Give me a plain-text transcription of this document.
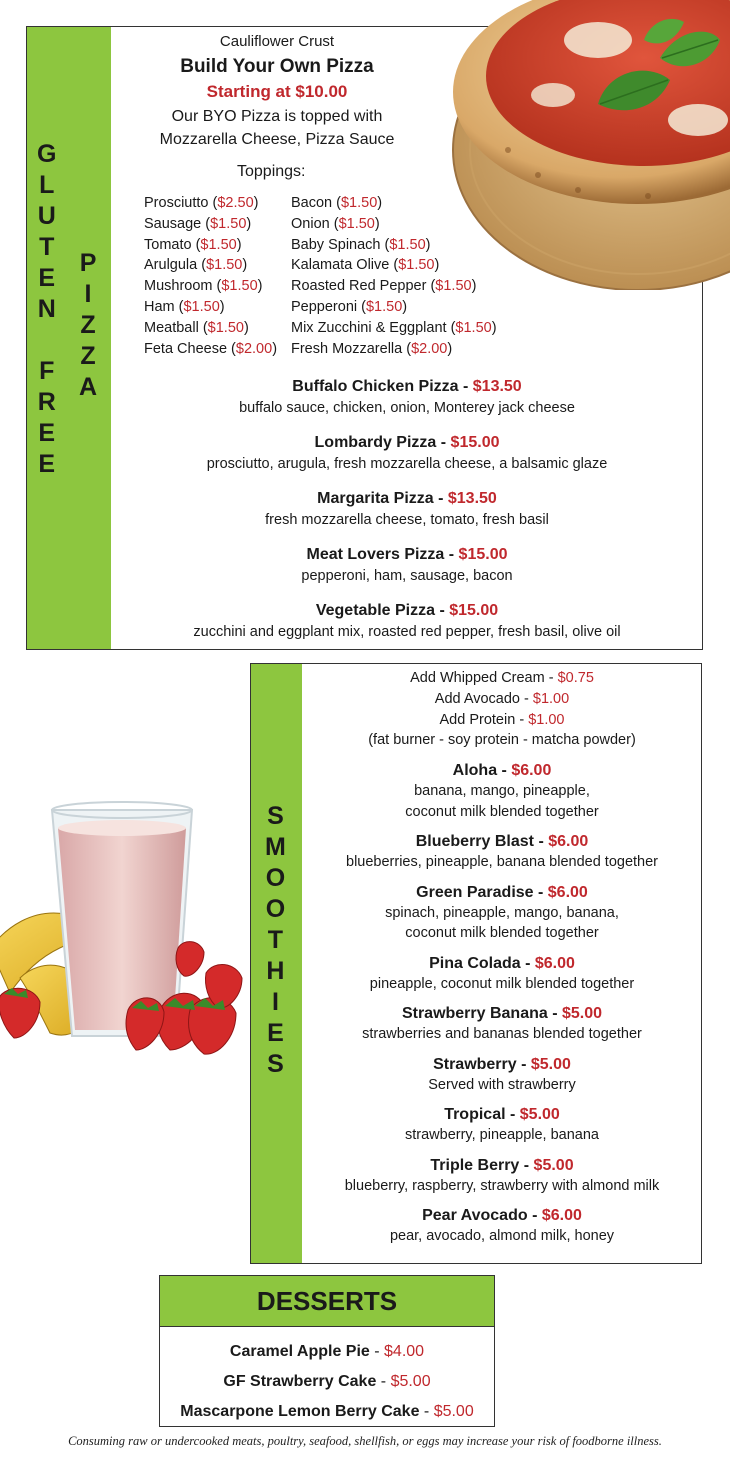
G
L
U
T
E
N
F
R
E
E
P
I
Z
Z
A
Cauliflower Crust
Build Your Own Pizza
Starting at $10.00
Our BYO Pizza is topped with
Mozzarella Cheese, Pizza Sauce
Toppings:
Prosciutto ($2.50)
Sausage ($1.50)
Tomato ($1.50)
Arulgula ($1.50)
Mushroom ($1.50)
Ham ($1.50)
Meatball ($1.50)
Feta Cheese ($2.00)
Bacon ($1.50)
Onion ($1.50)
Baby Spinach ($1.50)
Kalamata Olive ($1.50)
Roasted Red Pepper ($1.50)
Pepperoni ($1.50)
Mix Zucchini & Eggplant ($1.50)
Fresh Mozzarella ($2.00)
Buffalo Chicken Pizza - $13.50
buffalo sauce, chicken, onion, Monterey jack cheese
Lombardy Pizza - $15.00
prosciutto, arugula, fresh mozzarella cheese, a balsamic glaze
Margarita Pizza - $13.50
fresh mozzarella cheese, tomato, fresh basil
Meat Lovers Pizza - $15.00
pepperoni, ham, sausage, bacon
Vegetable Pizza - $15.00
zucchini and eggplant mix, roasted red pepper, fresh basil, olive oil
S
M
O
O
T
H
I
E
S
Add Whipped Cream - $0.75
Add Avocado - $1.00
Add Protein - $1.00
(fat burner - soy protein - matcha powder)
Aloha - $6.00
banana, mango, pineapple,
coconut milk blended together
Blueberry Blast - $6.00
blueberries, pineapple, banana blended together
Green Paradise - $6.00
spinach, pineapple, mango, banana,
coconut milk blended together
Pina Colada - $6.00
pineapple, coconut milk blended together
Strawberry Banana - $5.00
strawberries and bananas blended together
Strawberry - $5.00
Served with strawberry
Tropical - $5.00
strawberry, pineapple, banana
Triple Berry - $5.00
blueberry, raspberry, strawberry with almond milk
Pear Avocado - $6.00
pear, avocado, almond milk, honey
DESSERTS
Caramel Apple Pie - $4.00
GF Strawberry Cake - $5.00
Mascarpone Lemon Berry Cake - $5.00
Consuming raw or undercooked meats, poultry, seafood, shellfish, or eggs may increase your risk of foodborne illness.
